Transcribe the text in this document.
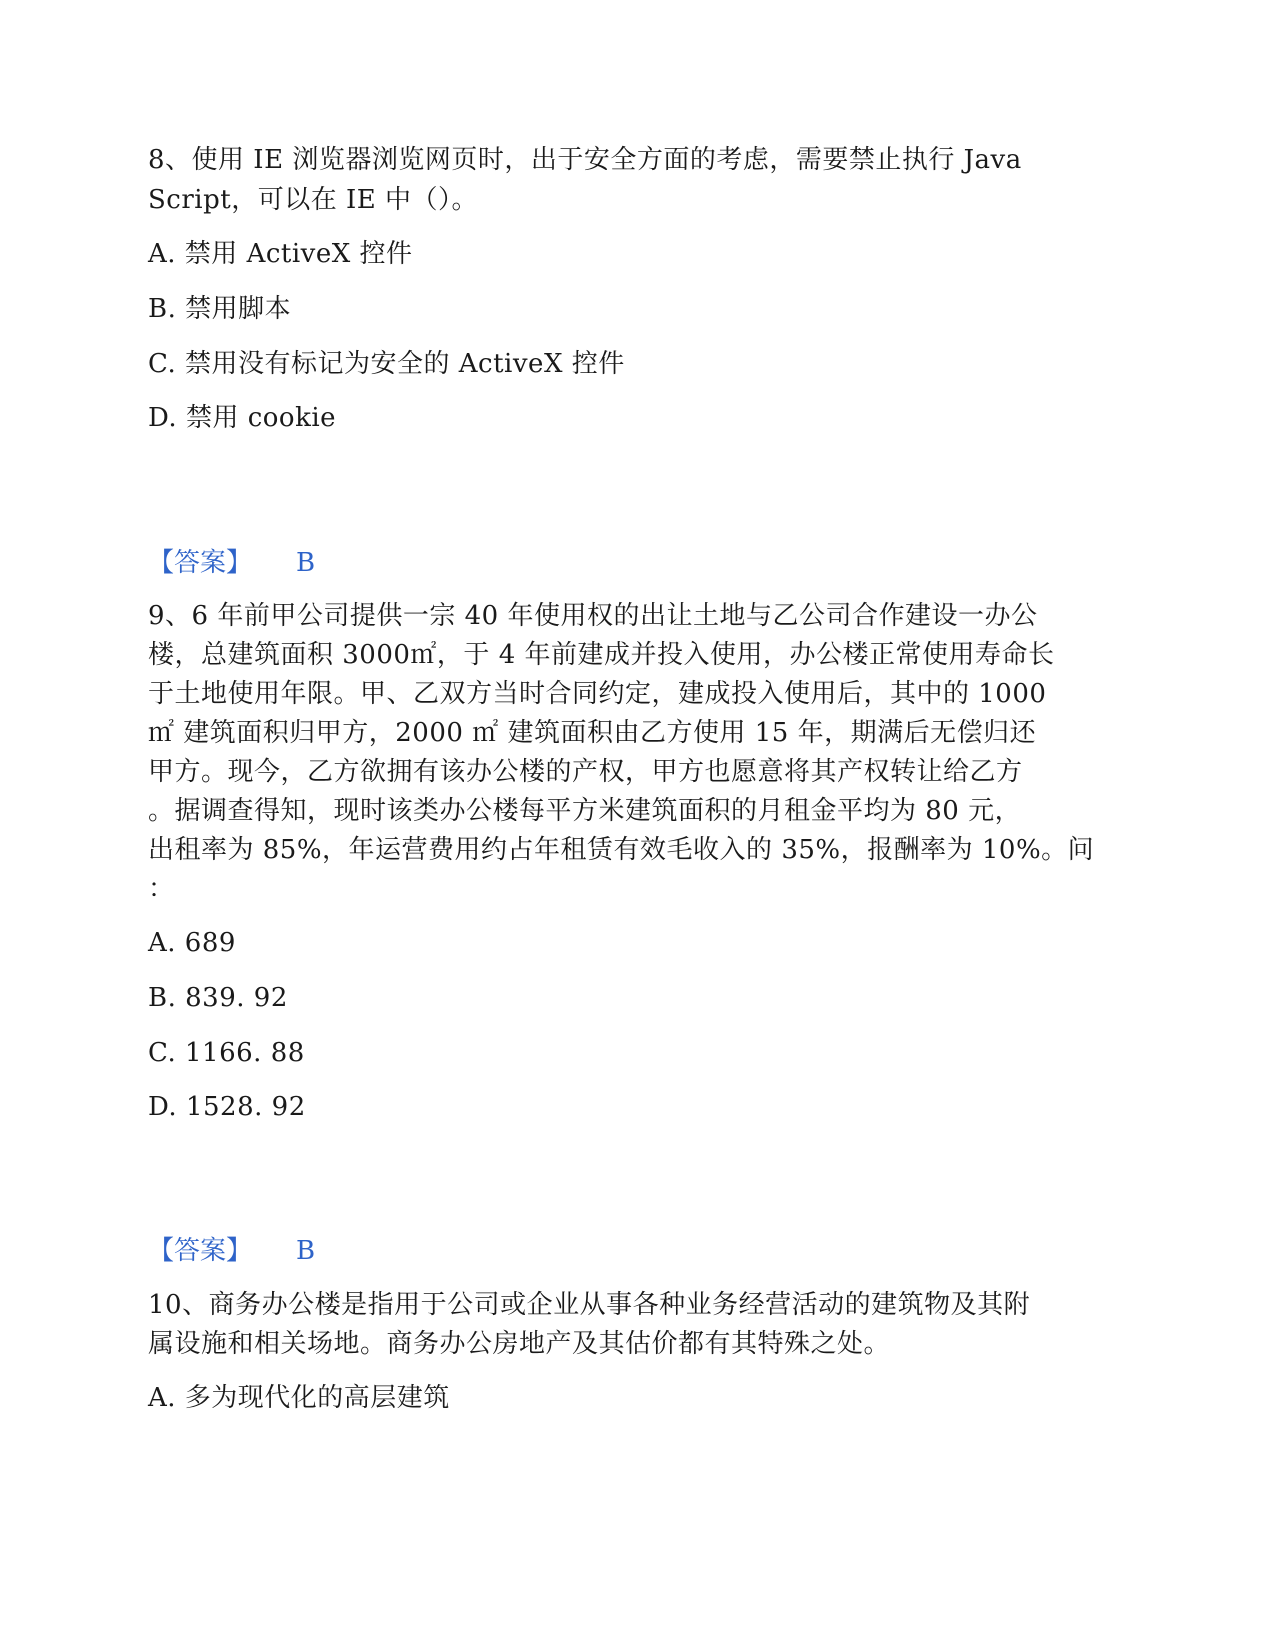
8、使用 IE 浏览器浏览网页时，出于安全方面的考虑，需要禁止执行 Java
Script，可以在 IE 中（）。
A. 禁用 ActiveX 控件
B. 禁用脚本
C. 禁用没有标记为安全的 ActiveX 控件
D. 禁用 cookie
【答案】 B
9、6 年前甲公司提供一宗 40 年使用权的出让土地与乙公司合作建设一办公
楼，总建筑面积 3000㎡，于 4 年前建成并投入使用，办公楼正常使用寿命长
于土地使用年限。甲、乙双方当时合同约定，建成投入使用后，其中的 1000
㎡ 建筑面积归甲方，2000 ㎡ 建筑面积由乙方使用 15 年，期满后无偿归还
甲方。现今，乙方欲拥有该办公楼的产权，甲方也愿意将其产权转让给乙方
。据调查得知，现时该类办公楼每平方米建筑面积的月租金平均为 80 元，
出租率为 85%，年运营费用约占年租赁有效毛收入的 35%，报酬率为 10%。问
：
A. 689
B. 839. 92
C. 1166. 88
D. 1528. 92
【答案】 B
10、商务办公楼是指用于公司或企业从事各种业务经营活动的建筑物及其附
属设施和相关场地。商务办公房地产及其估价都有其特殊之处。
A. 多为现代化的高层建筑
